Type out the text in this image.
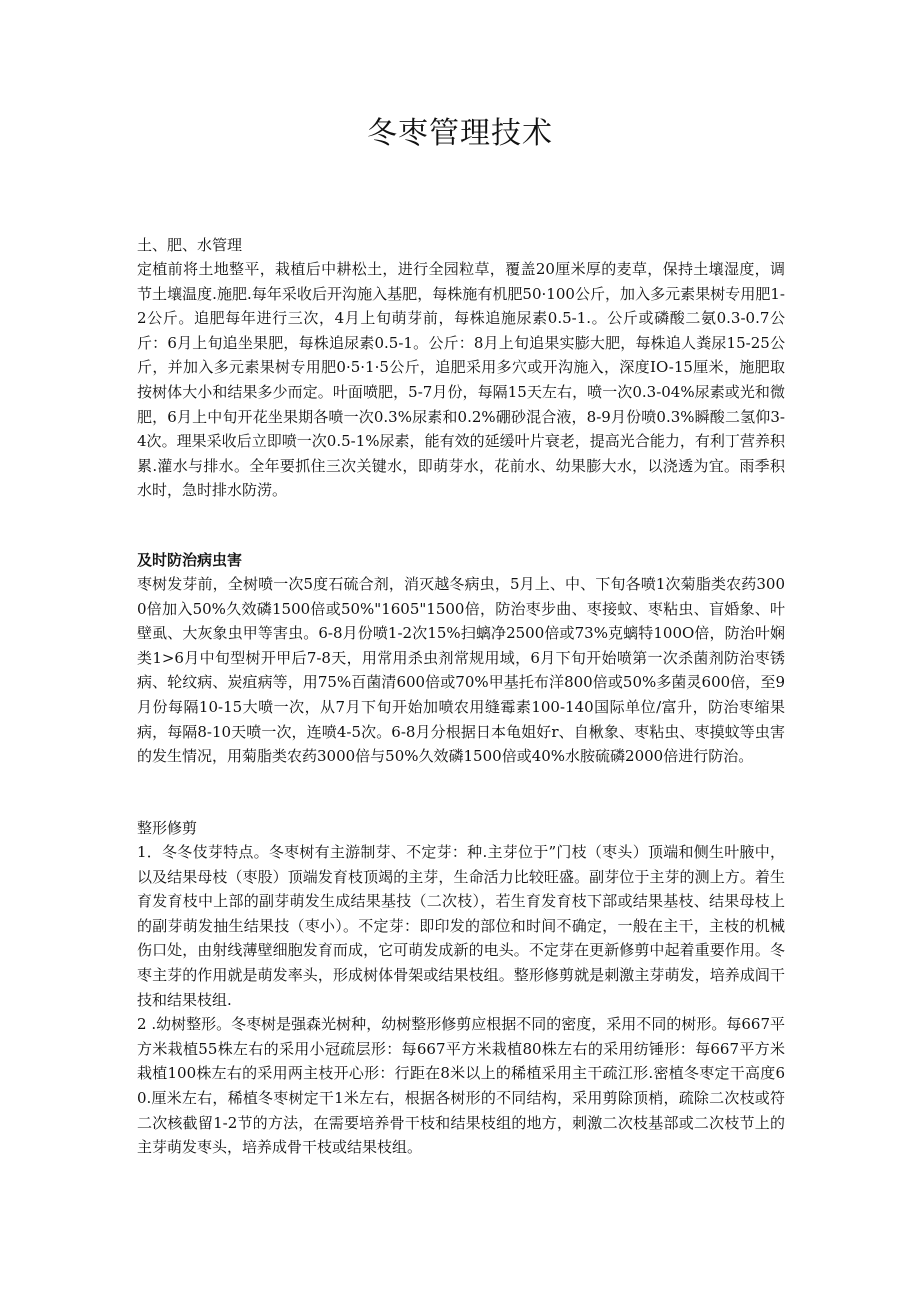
冬枣管理技术
土、肥、水管理

定植前将土地整平，栽植后中耕松土，进行全园粒草，覆盖20厘米厚的麦草，保持土壤湿度，调节土壤温度.施肥.每年采收后开沟施入基肥，每株施有机肥50·100公斤，加入多元素果树专用肥1-2公斤。追肥每年进行三次，4月上旬萌芽前，每株追施尿素0.5-1.。公斤或磷酸二氨0.3-0.7公斤：6月上旬追坐果肥，每株追尿素0.5-1。公斤：8月上旬追果实膨大肥，每株追人粪尿15-25公斤，并加入多元素果树专用肥0·5·1·5公斤，追肥采用多穴或开沟施入，深度IO-15厘米，施肥取按树体大小和结果多少而定。叶面喷肥，5-7月份，每隔15天左右，喷一次0.3-04%尿素或光和微肥，6月上中旬开花坐果期各喷一次0.3%尿素和0.2%硼砂混合液，8-9月份喷0.3%瞬酸二氢仰3-4次。理果采收后立即喷一次0.5-1%尿素，能有效的延缓叶片衰老，提高光合能力，有利丁营养积累.灌水与排水。全年要抓住三次关键水，即萌芽水，花前水、幼果膨大水，以浇透为宜。雨季积水时，急时排水防涝。

及时防治病虫害

枣树发芽前，全树喷一次5度石硫合剂，消灭越冬病虫，5月上、中、下旬各喷1次菊脂类农药3000倍加入50%久效磷1500倍或50%"1605"1500倍，防治枣步曲、枣接蚊、枣粘虫、盲婚象、叶壁虱、大灰象虫甲等害虫。6-8月份喷1-2次15%扫螭净2500倍或73%克螭特100O倍，防治叶娴类1>6月中旬型树开甲后7-8天，用常用杀虫剂常规用域，6月下旬开始喷第一次杀菌剂防治枣锈病、轮纹病、炭疽病等，用75%百菌清600倍或70%甲基托布洋800倍或50%多菌灵600倍，至9月份每隔10-15大喷一次，从7月下旬开始加喷农用缝霉素100-140国际单位/富升，防治枣缩果病，每隔8-10天喷一次，连喷4-5次。6-8月分根据日本龟姐好r、自楸象、枣粘虫、枣摸蚊等虫害的发生情况，用菊脂类农药3000倍与50%久效磷1500倍或40%水胺硫磷2000倍进行防治。

整形修剪

1．冬冬伎芽特点。冬枣树有主游制芽、不定芽：种.主芽位于”门枝（枣头）顶端和侧生叶腋中，以及结果母枝（枣股）顶端发育枝顶竭的主芽，生命活力比较旺盛。副芽位于主芽的测上方。着生育发育枝中上部的副芽萌发生成结果基技（二次枝），若生育发育枝下部或结果基枝、结果母枝上的副芽萌发抽生结果技（枣小）。不定芽：即印发的部位和时间不确定，一般在主干，主枝的机械伤口处，由射线薄壁细胞发育而成，它可萌发成新的电头。不定芽在更新修剪中起着重要作用。冬枣主芽的作用就是萌发率头，形成树体骨架或结果枝组。整形修剪就是刺激主芽萌发，培养成闾干技和结果枝组.

2 .幼树整形。冬枣树是强森光树种，幼树整形修剪应根据不同的密度，采用不同的树形。每667平方米栽植55株左右的采用小冠疏层形：每667平方米栽植80株左右的采用纺锤形：每667平方米栽植100株左右的采用两主枝开心形：行距在8米以上的稀植采用主干疏江形.密植冬枣定干高度60.厘米左右，稀植冬枣树定干1米左右，根据各树形的不同结构，采用剪除顶梢，疏除二次枝或符二次核截留1-2节的方法，在需要培养骨干枝和结果枝组的地方，刺激二次枝基部或二次枝节上的主芽萌发枣头，培养成骨干枝或结果枝组。
